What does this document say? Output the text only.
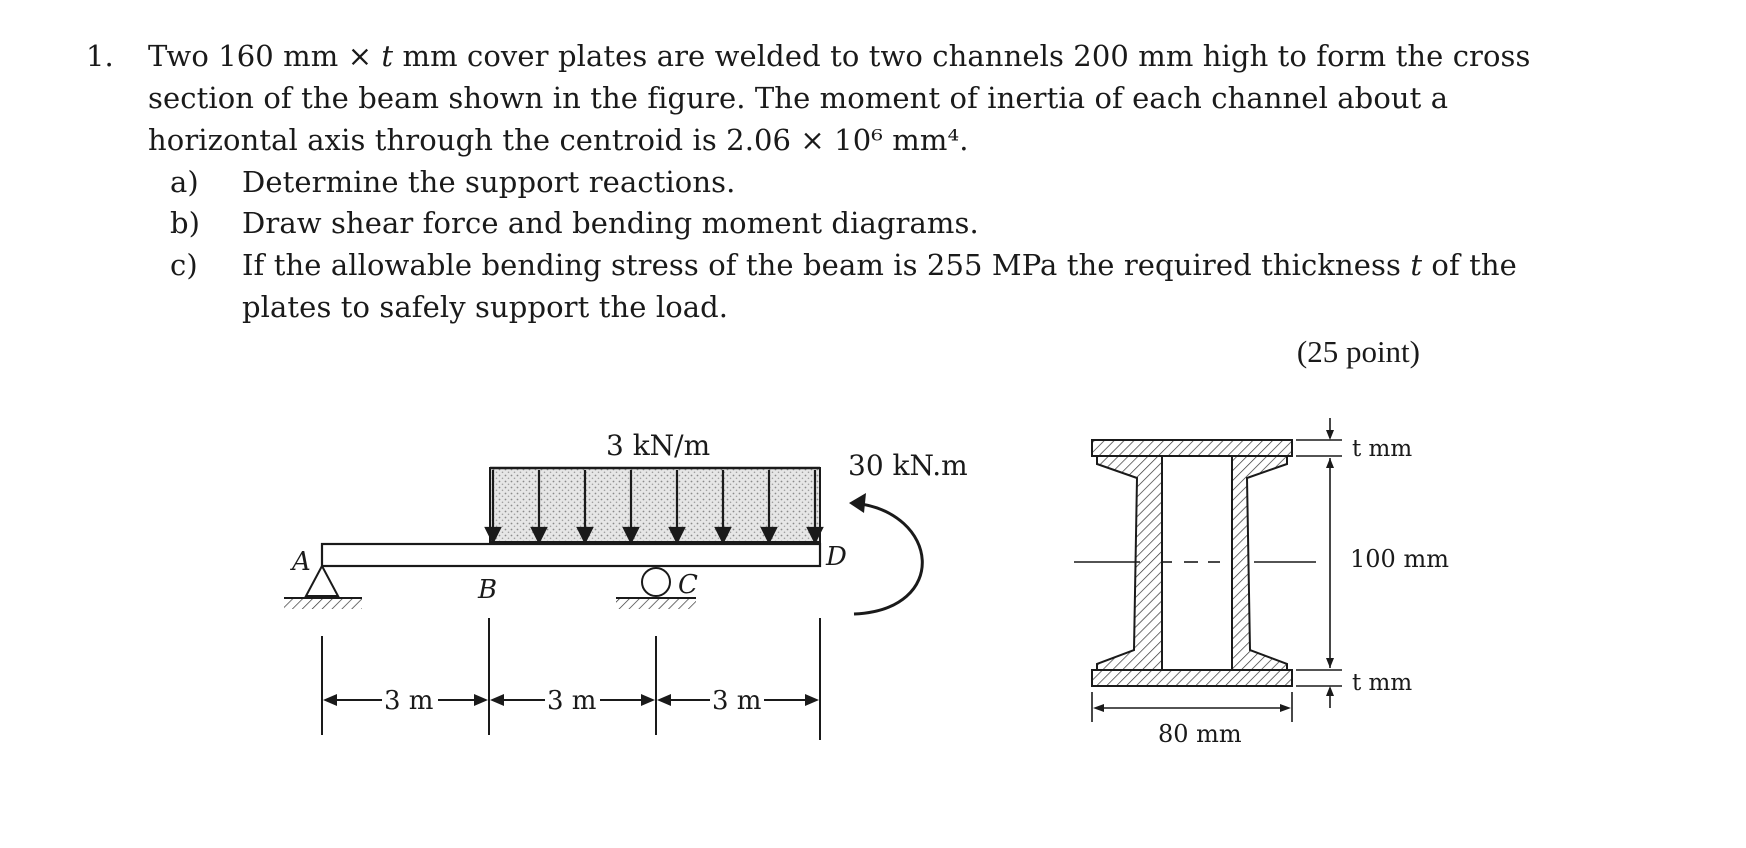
1. Two 160 mm × t mm cover plates are welded to two channels 200 mm high to form the cross
section of the beam shown in the figure. The moment of inertia of each channel about a
horizontal axis through the centroid is 2.06 × 10⁶ mm⁴.
a) Determine the support reactions.
b) Draw shear force and bending moment diagrams.
c) If the allowable bending stress of the beam is 255 MPa the required thickness t of the
plates to safely support the load.
(25 point)
3 kN/m
A
B	C
D
30 kN.m
3 m	3 m	3 m
t mm
100 mm
t mm
80 mm
